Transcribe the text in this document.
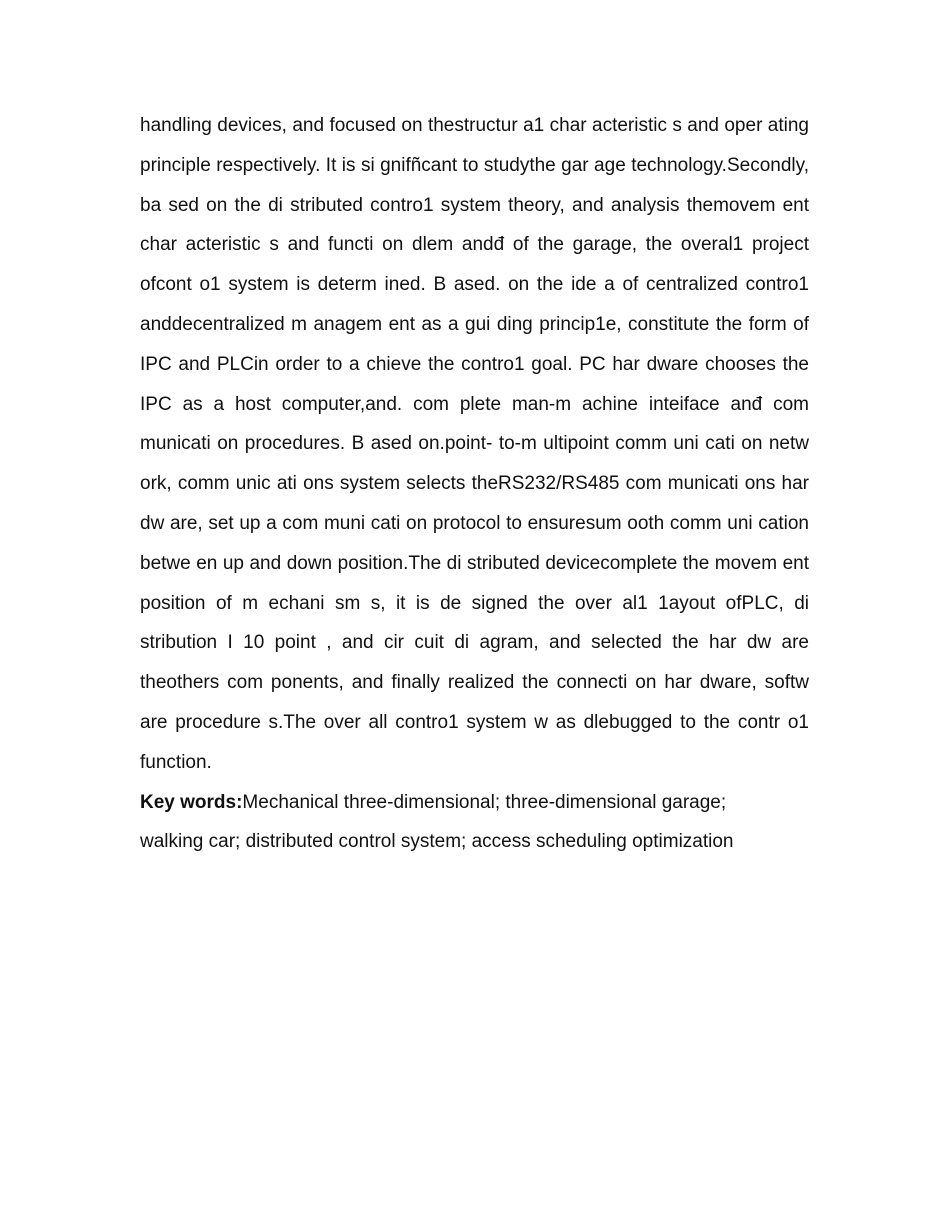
handling devices, and focused on thestructur a1 char acteristic s and oper ating principle respectively. It is si gnifñcant to studythe gar age technology.Secondly, ba sed on the di stributed contro1 system theory, and analysis themovem ent char acteristic s and functi on dlem andđ of the garage, the overal1 project ofcont o1 system is determ ined. B ased. on the ide a of centralized contro1 anddecentralized m anagem ent as a gui ding princip1e, constitute the form of IPC and PLCin order to a chieve the contro1 goal. PC har dware chooses the IPC as a host computer,and. com plete man-m achine inteiface anđ com municati on procedures. B ased on.point- to-m ultipoint comm uni cati on netw ork, comm unic ati ons system selects theRS232/RS485 com municati ons har dw are, set up a com muni cati on protocol to ensuresum ooth comm uni cation betwe en up and down position.The di stributed devicecomplete the movem ent position of m echani sm s, it is de signed the over al1 1ayout ofPLC, di stribution I 10 point , and cir cuit di agram, and selected the har dw are theothers com ponents, and finally realized the connecti on har dware, softw are procedure s.The over all contro1 system w as dlebugged to the contr o1 function.

Key words:Mechanical three-dimensional; three-dimensional garage;
walking car; distributed control system; access scheduling optimization
